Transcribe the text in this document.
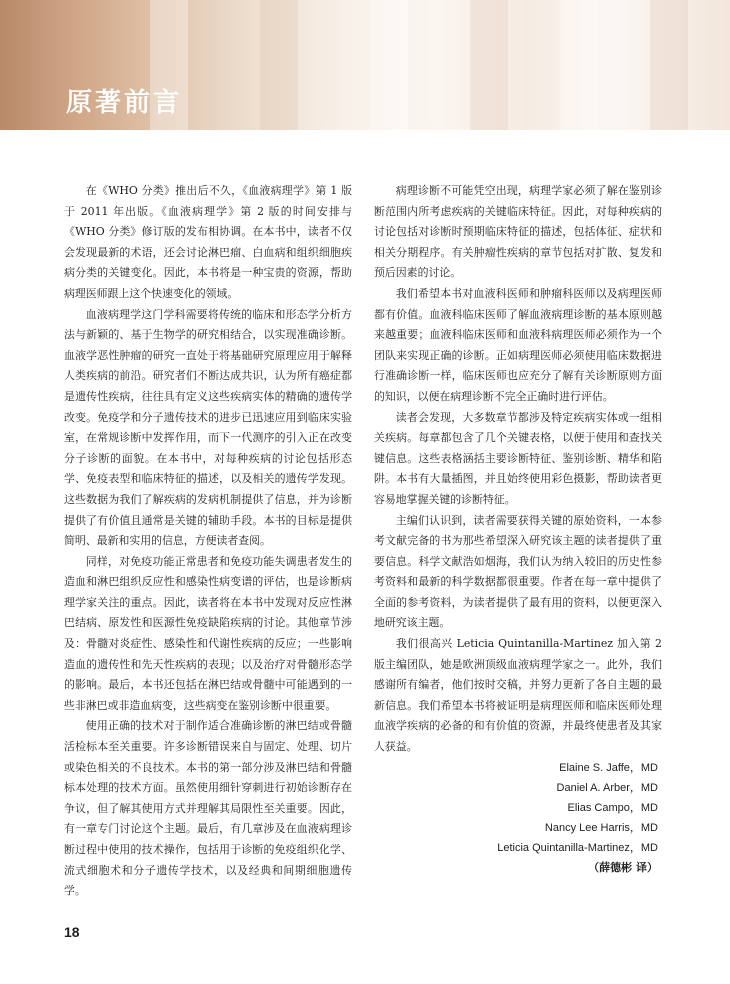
原著前言

在《WHO 分类》推出后不久，《血液病理学》第 1 版于 2011 年出版。《血液病理学》第 2 版的时间安排与《WHO 分类》修订版的发布相协调。在本书中，读者不仅会发现最新的术语，还会讨论淋巴瘤、白血病和组织细胞疾病分类的关键变化。因此，本书将是一种宝贵的资源，帮助病理医师跟上这个快速变化的领域。

血液病理学这门学科需要将传统的临床和形态学分析方法与新颖的、基于生物学的研究相结合，以实现准确诊断。血液学恶性肿瘤的研究一直处于将基础研究原理应用于解释人类疾病的前沿。研究者们不断达成共识，认为所有癌症都是遗传性疾病，往往具有定义这些疾病实体的精确的遗传学改变。免疫学和分子遗传技术的进步已迅速应用到临床实验室，在常规诊断中发挥作用，而下一代测序的引入正在改变分子诊断的面貌。在本书中，对每种疾病的讨论包括形态学、免疫表型和临床特征的描述，以及相关的遗传学发现。这些数据为我们了解疾病的发病机制提供了信息，并为诊断提供了有价值且通常是关键的辅助手段。本书的目标是提供简明、最新和实用的信息，方便读者查阅。

同样，对免疫功能正常患者和免疫功能失调患者发生的造血和淋巴组织反应性和感染性病变谱的评估，也是诊断病理学家关注的重点。因此，读者将在本书中发现对反应性淋巴结病、原发性和医源性免疫缺陷疾病的讨论。其他章节涉及：骨髓对炎症性、感染性和代谢性疾病的反应；一些影响造血的遗传性和先天性疾病的表现；以及治疗对骨髓形态学的影响。最后，本书还包括在淋巴结或骨髓中可能遇到的一些非淋巴或非造血病变，这些病变在鉴别诊断中很重要。

使用正确的技术对于制作适合准确诊断的淋巴结或骨髓活检标本至关重要。许多诊断错误来自与固定、处理、切片或染色相关的不良技术。本书的第一部分涉及淋巴结和骨髓标本处理的技术方面。虽然使用细针穿刺进行初始诊断存在争议，但了解其使用方式并理解其局限性至关重要。因此，有一章专门讨论这个主题。最后，有几章涉及在血液病理诊断过程中使用的技术操作，包括用于诊断的免疫组织化学、流式细胞术和分子遗传学技术，以及经典和间期细胞遗传学。

病理诊断不可能凭空出现，病理学家必须了解在鉴别诊断范围内所考虑疾病的关键临床特征。因此，对每种疾病的讨论包括对诊断时预期临床特征的描述，包括体征、症状和相关分期程序。有关肿瘤性疾病的章节包括对扩散、复发和预后因素的讨论。

我们希望本书对血液科医师和肿瘤科医师以及病理医师都有价值。血液科临床医师了解血液病理诊断的基本原则越来越重要；血液科临床医师和血液科病理医师必须作为一个团队来实现正确的诊断。正如病理医师必须使用临床数据进行准确诊断一样，临床医师也应充分了解有关诊断原则方面的知识，以便在病理诊断不完全正确时进行评估。

读者会发现，大多数章节都涉及特定疾病实体或一组相关疾病。每章都包含了几个关键表格，以便于使用和查找关键信息。这些表格涵括主要诊断特征、鉴别诊断、精华和陷阱。本书有大量插图，并且始终使用彩色摄影，帮助读者更容易地掌握关键的诊断特征。

主编们认识到，读者需要获得关键的原始资料，一本参考文献完备的书为那些希望深入研究该主题的读者提供了重要信息。科学文献浩如烟海，我们认为纳入较旧的历史性参考资料和最新的科学数据都很重要。作者在每一章中提供了全面的参考资料，为读者提供了最有用的资料，以便更深入地研究该主题。

我们很高兴 Leticia Quintanilla-Martinez 加入第 2 版主编团队，她是欧洲顶级血液病理学家之一。此外，我们感谢所有编者，他们按时交稿，并努力更新了各自主题的最新信息。我们希望本书将被证明是病理医师和临床医师处理血液学疾病的必备的和有价值的资源，并最终使患者及其家人获益。

Elaine S. Jaffe，MD
Daniel A. Arber，MD
Elias Campo，MD
Nancy Lee Harris，MD
Leticia Quintanilla-Martinez，MD
（薛德彬 译）
18
